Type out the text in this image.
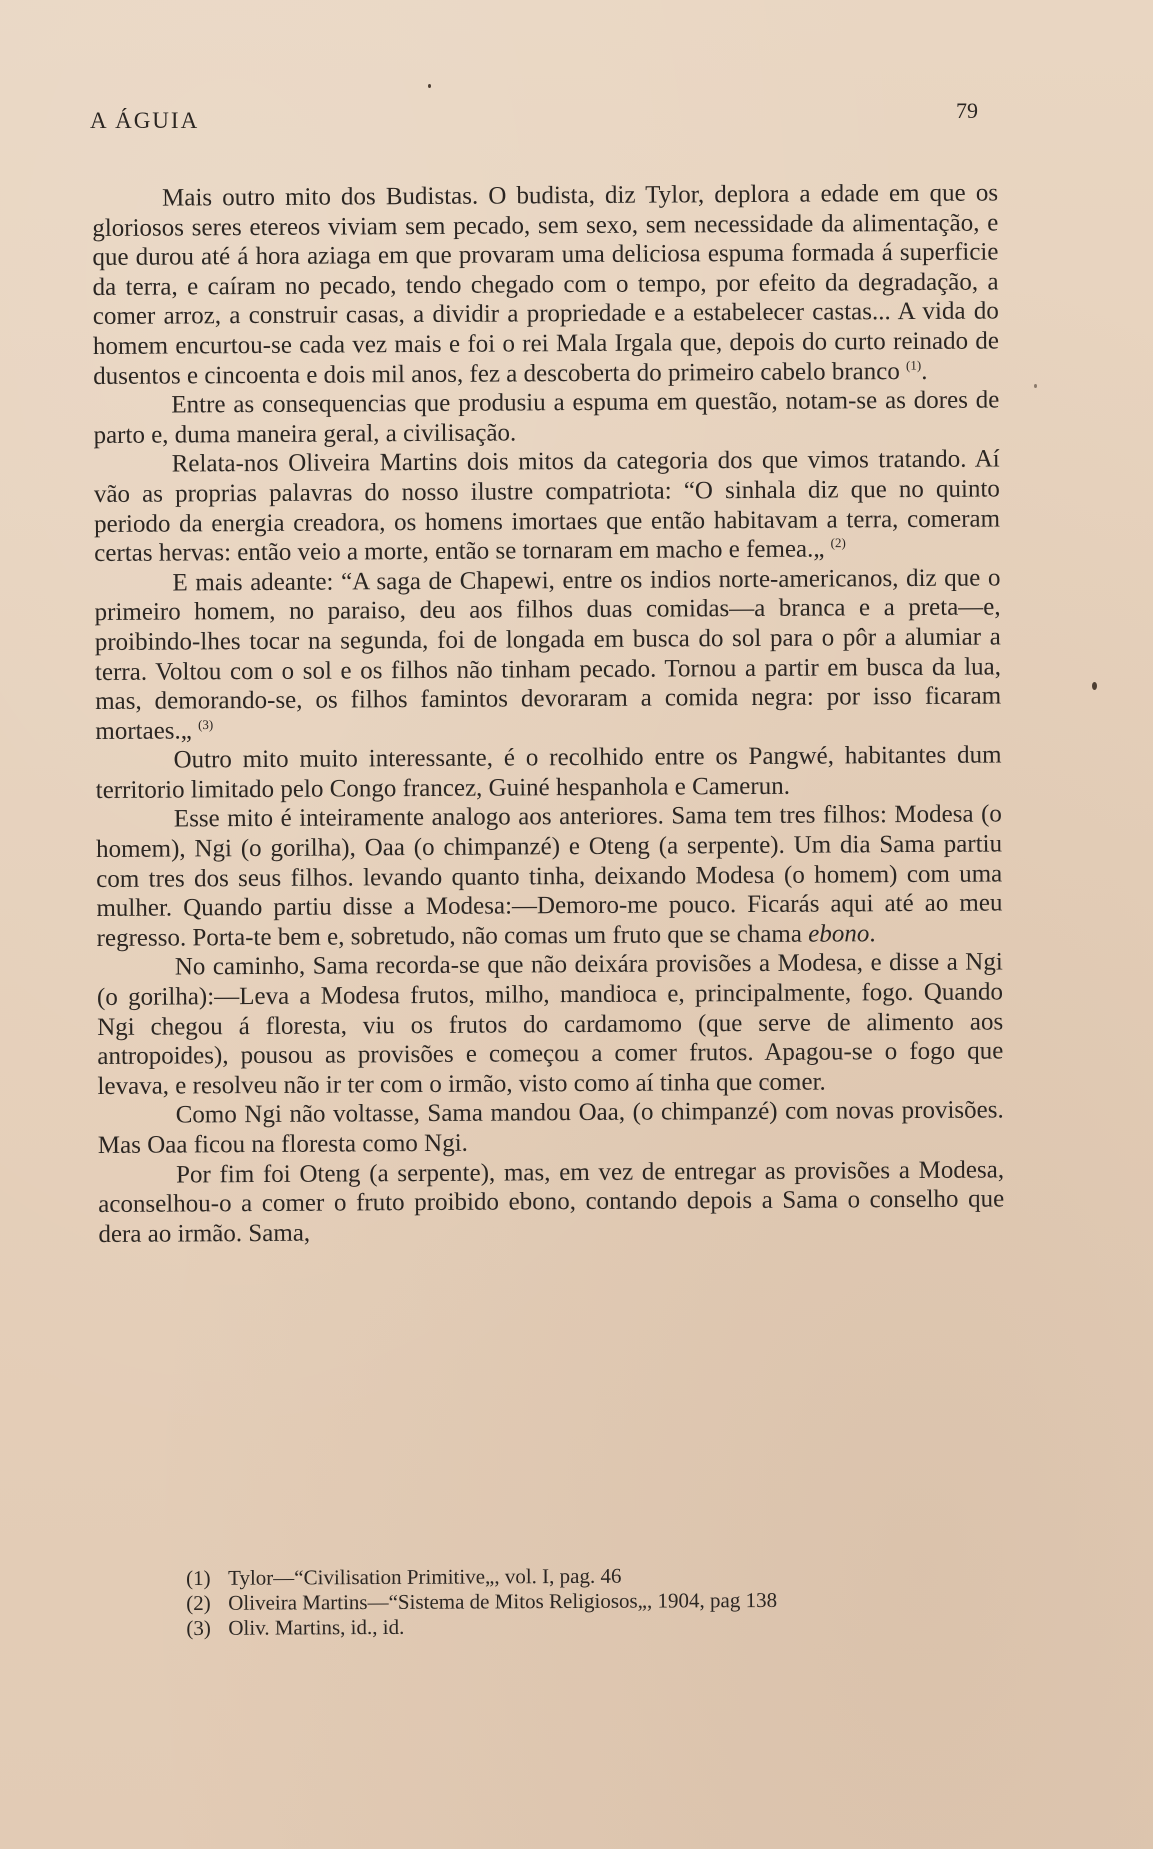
A ÁGUIA	79

Mais outro mito dos Budistas. O budista, diz Tylor, deplora a edade em que os gloriosos seres etereos viviam sem pecado, sem sexo, sem necessidade da alimentação, e que durou até á hora aziaga em que provaram uma deliciosa espuma formada á superficie da terra, e caíram no pecado, tendo chegado com o tempo, por efeito da degradação, a comer arroz, a construir casas, a dividir a propriedade e a estabelecer castas... A vida do homem encurtou-se cada vez mais e foi o rei Mala Irgala que, depois do curto reinado de dusentos e cincoenta e dois mil anos, fez a descoberta do primeiro cabelo branco $^{(1)}$.

Entre as consequencias que produsiu a espuma em questão, notam-se as dores de parto e, duma maneira geral, a civilisação.

Relata-nos Oliveira Martins dois mitos da categoria dos que vimos tratando. Aí vão as proprias palavras do nosso ilustre compatriota: “O sinhala diz que no quinto periodo da energia creadora, os homens imortaes que então habitavam a terra, comeram certas hervas: então veio a morte, então se tornaram em macho e femea.„ $^{(2)}$

E mais adeante: “A saga de Chapewi, entre os indios norte-americanos, diz que o primeiro homem, no paraiso, deu aos filhos duas comidas—a branca e a preta—e, proibindo-lhes tocar na segunda, foi de longada em busca do sol para o pôr a alumiar a terra. Voltou com o sol e os filhos não tinham pecado. Tornou a partir em busca da lua, mas, demorando-se, os filhos famintos devoraram a comida negra: por isso ficaram mortaes.„ $^{(3)}$

Outro mito muito interessante, é o recolhido entre os Pangwé, habitantes dum territorio limitado pelo Congo francez, Guiné hespanhola e Camerun.

Esse mito é inteiramente analogo aos anteriores. Sama tem tres filhos: Modesa (o homem), Ngi (o gorilha), Oaa (o chimpanzé) e Oteng (a serpente). Um dia Sama partiu com tres dos seus filhos. levando quanto tinha, deixando Modesa (o homem) com uma mulher. Quando partiu disse a Modesa:—Demoro-me pouco. Ficarás aqui até ao meu regresso. Porta-te bem e, sobretudo, não comas um fruto que se chama ebono.

No caminho, Sama recorda-se que não deixára provisões a Modesa, e disse a Ngi (o gorilha):—Leva a Modesa frutos, milho, mandioca e, principalmente, fogo. Quando Ngi chegou á floresta, viu os frutos do cardamomo (que serve de alimento aos antropoides), pousou as provisões e começou a comer frutos. Apagou-se o fogo que levava, e resolveu não ir ter com o irmão, visto como aí tinha que comer.

Como Ngi não voltasse, Sama mandou Oaa, (o chimpanzé) com novas provisões. Mas Oaa ficou na floresta como Ngi.

Por fim foi Oteng (a serpente), mas, em vez de entregar as provisões a Modesa, aconselhou-o a comer o fruto proibido ebono, contando depois a Sama o conselho que dera ao irmão. Sama,

(1) Tylor—“Civilisation Primitive„, vol. I, pag. 46

(2) Oliveira Martins—“Sistema de Mitos Religiosos„, 1904, pag 138

(3) Oliv. Martins, id., id.
